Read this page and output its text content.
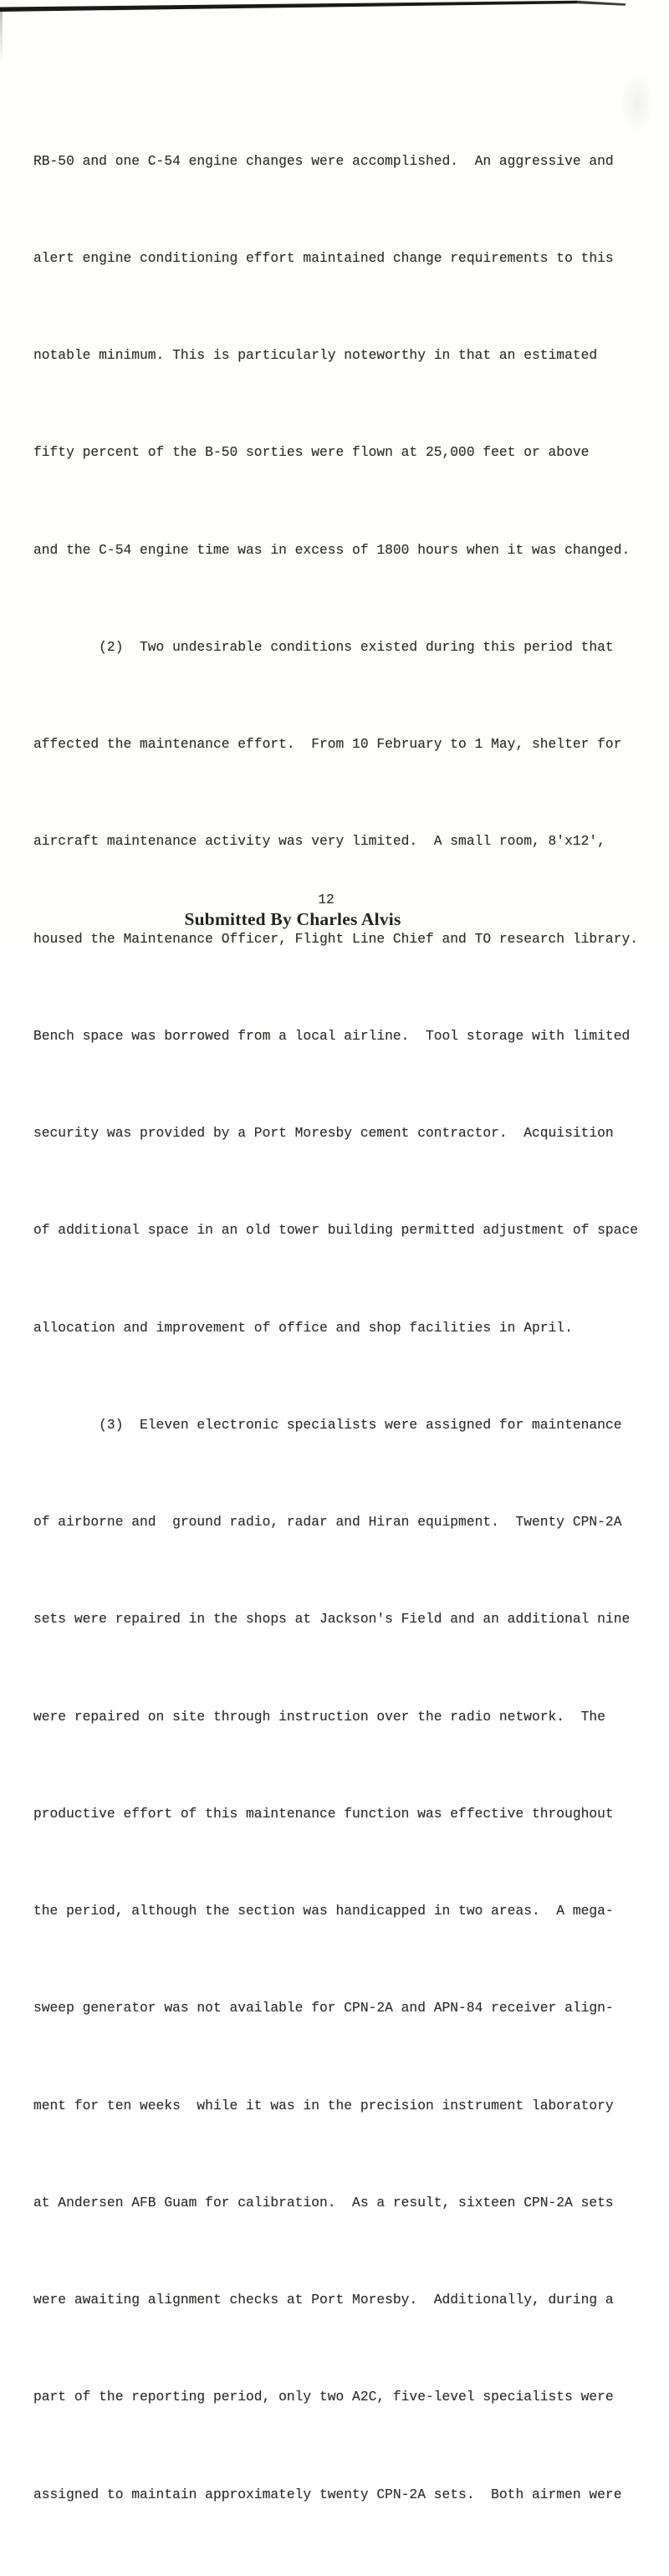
RB-50 and one C-54 engine changes were accomplished.  An aggressive and

alert engine conditioning effort maintained change requirements to this

notable minimum. This is particularly noteworthy in that an estimated

fifty percent of the B-50 sorties were flown at 25,000 feet or above

and the C-54 engine time was in excess of 1800 hours when it was changed.

(2)  Two undesirable conditions existed during this period that

affected the maintenance effort.  From 10 February to 1 May, shelter for

aircraft maintenance activity was very limited.  A small room, 8'x12',

housed the Maintenance Officer, Flight Line Chief and TO research library.

Bench space was borrowed from a local airline.  Tool storage with limited

security was provided by a Port Moresby cement contractor.  Acquisition

of additional space in an old tower building permitted adjustment of space

allocation and improvement of office and shop facilities in April.

(3)  Eleven electronic specialists were assigned for maintenance

of airborne and  ground radio, radar and Hiran equipment.  Twenty CPN-2A

sets were repaired in the shops at Jackson's Field and an additional nine

were repaired on site through instruction over the radio network.  The

productive effort of this maintenance function was effective throughout

the period, although the section was handicapped in two areas.  A mega-

sweep generator was not available for CPN-2A and APN-84 receiver align-

ment for ten weeks  while it was in the precision instrument laboratory

at Andersen AFB Guam for calibration.  As a result, sixteen CPN-2A sets

were awaiting alignment checks at Port Moresby.  Additionally, during a

part of the reporting period, only two A2C, five-level specialists were

assigned to maintain approximately twenty CPN-2A sets.  Both airmen were

12
Submitted By Charles Alvis
